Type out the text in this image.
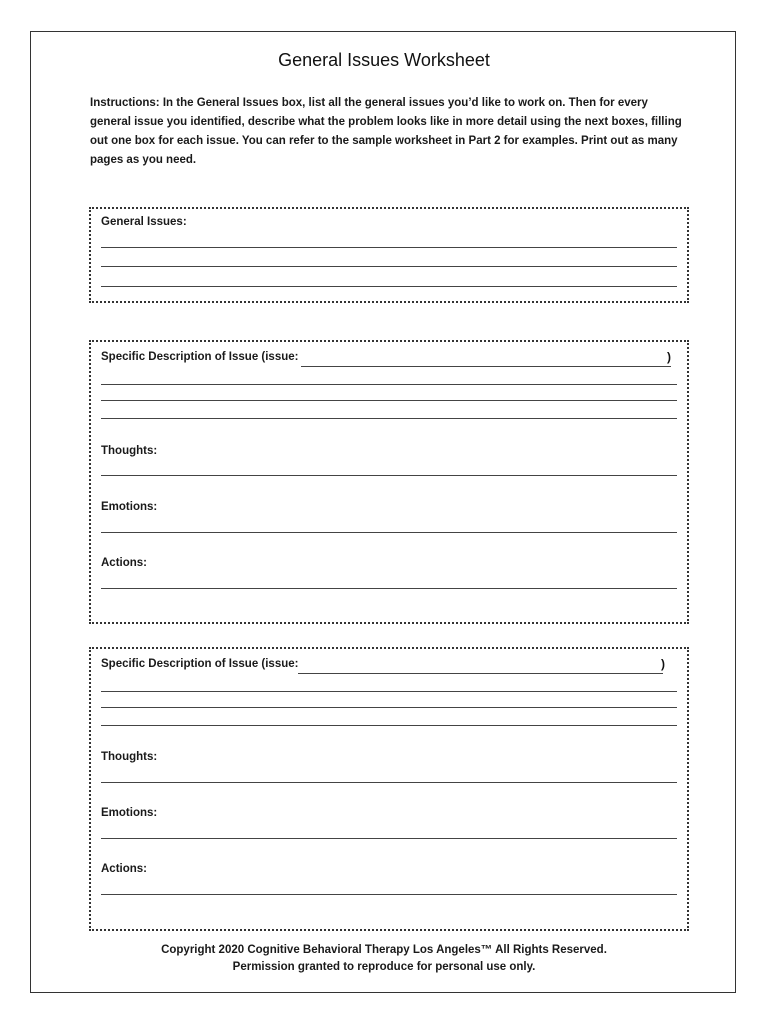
General Issues Worksheet
Instructions: In the General Issues box, list all the general issues you’d like to work on. Then for every general issue you identified, describe what the problem looks like in more detail using the next boxes, filling out one box for each issue. You can refer to the sample worksheet in Part 2 for examples. Print out as many pages as you need.
General Issues:
Specific Description of Issue (issue:	)
Thoughts:
Emotions:
Actions:
Specific Description of Issue (issue:	)
Thoughts:
Emotions:
Actions:
Copyright 2020 Cognitive Behavioral Therapy Los Angeles™ All Rights Reserved.
Permission granted to reproduce for personal use only.
